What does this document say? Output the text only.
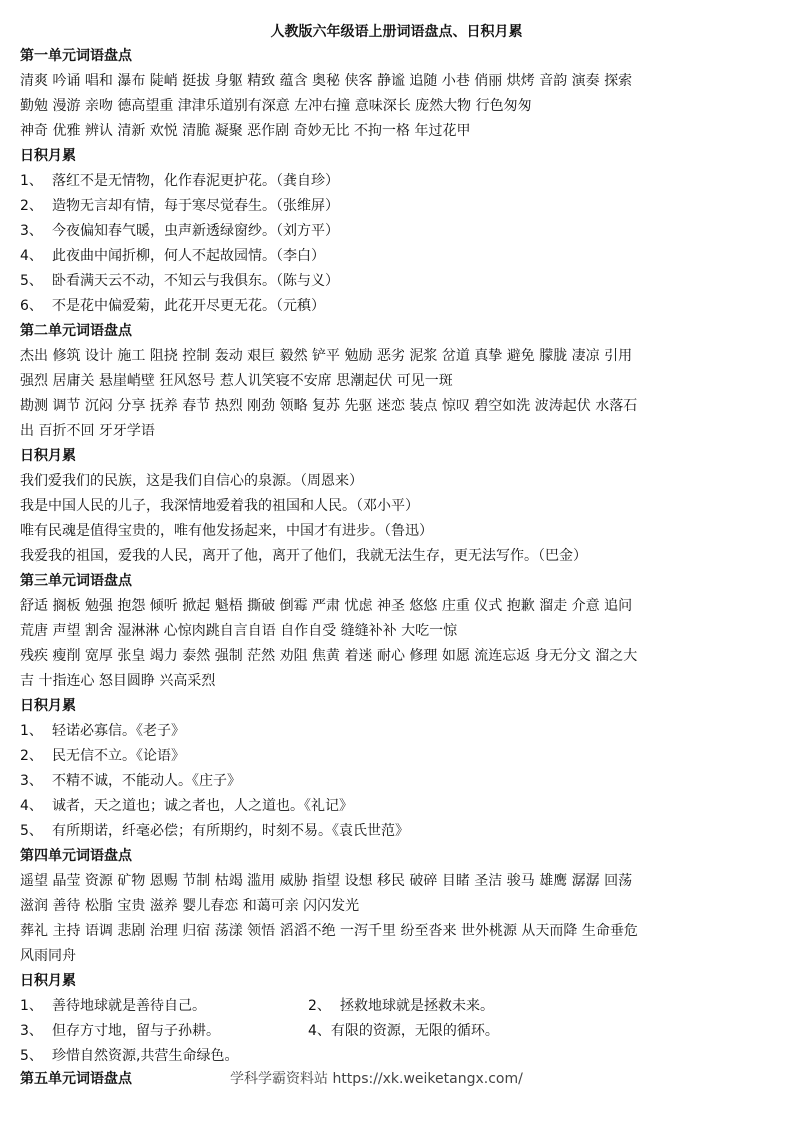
人教版六年级语上册词语盘点、日积月累
第一单元词语盘点
清爽 吟诵 唱和 瀑布 陡峭 挺拔 身躯 精致 蕴含 奥秘 侠客 静谧 追随 小巷 俏丽 烘烤 音韵 演奏 探索
勤勉 漫游 亲吻 德高望重 津津乐道别有深意 左冲右撞 意味深长 庞然大物 行色匆匆
神奇 优雅 辨认 清新 欢悦 清脆 凝聚 恶作剧 奇妙无比 不拘一格 年过花甲
日积月累
1、 落红不是无情物，化作春泥更护花。（龚自珍）
2、 造物无言却有情，每于寒尽觉春生。（张维屏）
3、 今夜偏知春气暖，虫声新透绿窗纱。（刘方平）
4、 此夜曲中闻折柳，何人不起故园情。（李白）
5、 卧看满天云不动，不知云与我俱东。（陈与义）
6、 不是花中偏爱菊，此花开尽更无花。（元稹）
第二单元词语盘点
杰出 修筑 设计 施工 阻挠 控制 轰动 艰巨 毅然 铲平 勉励 恶劣 泥浆 岔道 真挚 避免 朦胧 凄凉 引用
强烈 居庸关 悬崖峭壁 狂风怒号 惹人讥笑寝不安席 思潮起伏 可见一斑
勘测 调节 沉闷 分享 抚养 春节 热烈 刚劲 领略 复苏 先驱 迷恋 装点 惊叹 碧空如洗 波涛起伏 水落石
出 百折不回 牙牙学语
日积月累
我们爱我们的民族，这是我们自信心的泉源。（周恩来）
我是中国人民的儿子，我深情地爱着我的祖国和人民。（邓小平）
唯有民魂是值得宝贵的，唯有他发扬起来，中国才有进步。（鲁迅）
我爱我的祖国，爱我的人民，离开了他，离开了他们，我就无法生存，更无法写作。（巴金）
第三单元词语盘点
舒适 搁板 勉强 抱怨 倾听 掀起 魁梧 撕破 倒霉 严肃 忧虑 神圣 悠悠 庄重 仪式 抱歉 溜走 介意 追问
荒唐 声望 割舍 湿淋淋 心惊肉跳自言自语 自作自受 缝缝补补 大吃一惊
残疾 瘦削 宽厚 张皇 竭力 泰然 强制 茫然 劝阻 焦黄 着迷 耐心 修理 如愿 流连忘返 身无分文 溜之大
吉 十指连心 怒目圆睁 兴高采烈
日积月累
1、 轻诺必寡信。《老子》
2、 民无信不立。《论语》
3、 不精不诚，不能动人。《庄子》
4、 诚者，天之道也；诚之者也，人之道也。《礼记》
5、 有所期诺，纤毫必偿；有所期约，时刻不易。《袁氏世范》
第四单元词语盘点
遥望 晶莹 资源 矿物 恩赐 节制 枯竭 滥用 威胁 指望 设想 移民 破碎 目睹 圣洁 骏马 雄鹰 潺潺 回荡
滋润 善待 松脂 宝贵 滋养 婴儿春恋 和蔼可亲 闪闪发光
葬礼 主持 语调 悲剧 治理 归宿 荡漾 领悟 滔滔不绝 一泻千里 纷至沓来 世外桃源 从天而降 生命垂危
风雨同舟
日积月累
1、 善待地球就是善待自己。	2、 拯救地球就是拯救未来。
3、 但存方寸地，留与子孙耕。	4、有限的资源，无限的循环。
5、 珍惜自然资源,共营生命绿色。
第五单元词语盘点	学科学霸资料站 https://xk.weiketangx.com/
